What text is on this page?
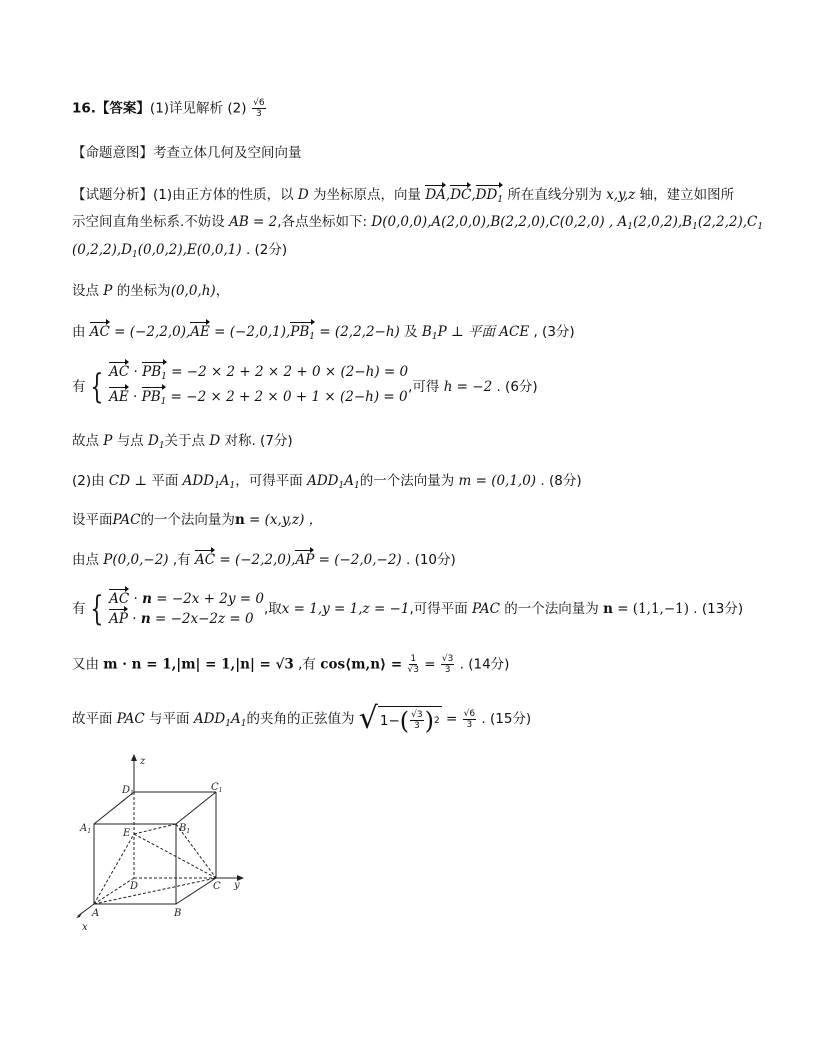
16.【答案】(1)详见解析 $(2) \frac{√6}{3}$
【命题意图】考查立体几何及空间向量
【试题分析】(1)由正方体的性质，以 D 为坐标原点，向量 $DA,DC,DD_1$ 所在直线分别为 x,y,z 轴，建立如图所
示空间直角坐标系.不妨设 AB = 2,各点坐标如下: D(0,0,0),A(2,0,0),B(2,2,0),C(0,2,0) , $A_1(2,0,2),B_1(2,2,2),C_1$
$(0,2,2),D_1(0,0,2),E(0,0,1)$ . (2分)
设点 P 的坐标为(0,0,h)，
由 AC = $(-2,2,0),AE = (-2,0,1),PB_1 = (2,2,2-h)$ 及 $B_1P$ ⊥ 平面 ACE , (3分)
有 { AC · $PB_1 = -2 \times 2 + 2 \times 2 + 0 \times (2-h) = 0$
AE · $PB_1 = -2 \times 2 + 2 \times 0 + 1 \times (2-h) = 0$
,可得 h = −2 . (6分)
故点 P 与点 $D_1$关于点 D 对称. (7分)
(2)由 CD ⊥ 平面 $ADD_1A_1$，可得平面 $ADD_1A_1$的一个法向量为 m = (0,1,0) . (8分)
设平面PAC的一个法向量为n = (x,y,z) ，
由点 P(0,0,−2) ,有 AC = (−2,2,0),AP = (−2,0,−2) . (10分)
有 { AC · n = −2x + 2y = 0
AP · n = −2x−2z = 0
,取x = 1,y = 1,z = −1,可得平面 PAC 的一个法向量为 n = (1,1,−1) . (13分)
又由 m · n = 1,|m| = 1,|n| = √3 ,有 cos⟨m,n⟩ = $\frac{1}{√3} = \frac{√3}{3}$ . (14分)
故平面 PAC 与平面 $ADD_1A_1$的夹角的正弦值为 √ 1− ( $\frac{√3}{3}$ ) $2 = \frac{√6}{3}$ . (15分)
z
y
x
$D_1$
$C_1$
$A_1$	$B_1$
E
D	C
A	B
